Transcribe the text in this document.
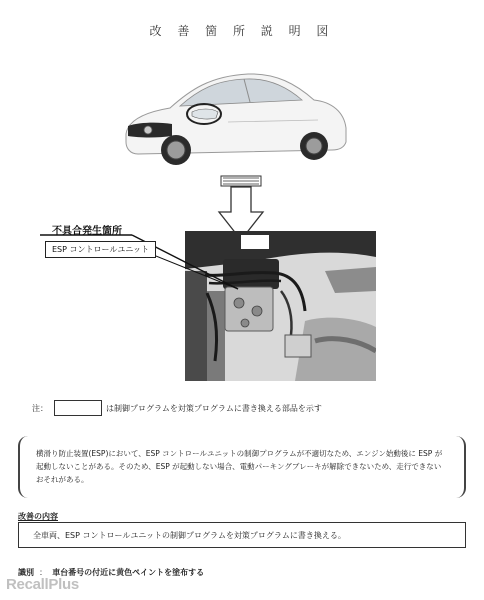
改 善 箇 所 説 明 図
不具合発生箇所
ESP コントロールユニット
注：	は制御プログラムを対策プログラムに書き換える部品を示す
横滑り防止装置(ESP)において、ESP コントロールユニットの制御プログラムが不適切なため、エンジン始動後に ESP が起動しないことがある。そのため、ESP が起動しない場合、電動パーキングブレーキが解除できないため、走行できないおそれがある。
改善の内容
全車両、ESP コントロールユニットの制御プログラムを対策プログラムに書き換える。
識別  ：  車台番号の付近に黄色ペイントを塗布する
RecallPlus
